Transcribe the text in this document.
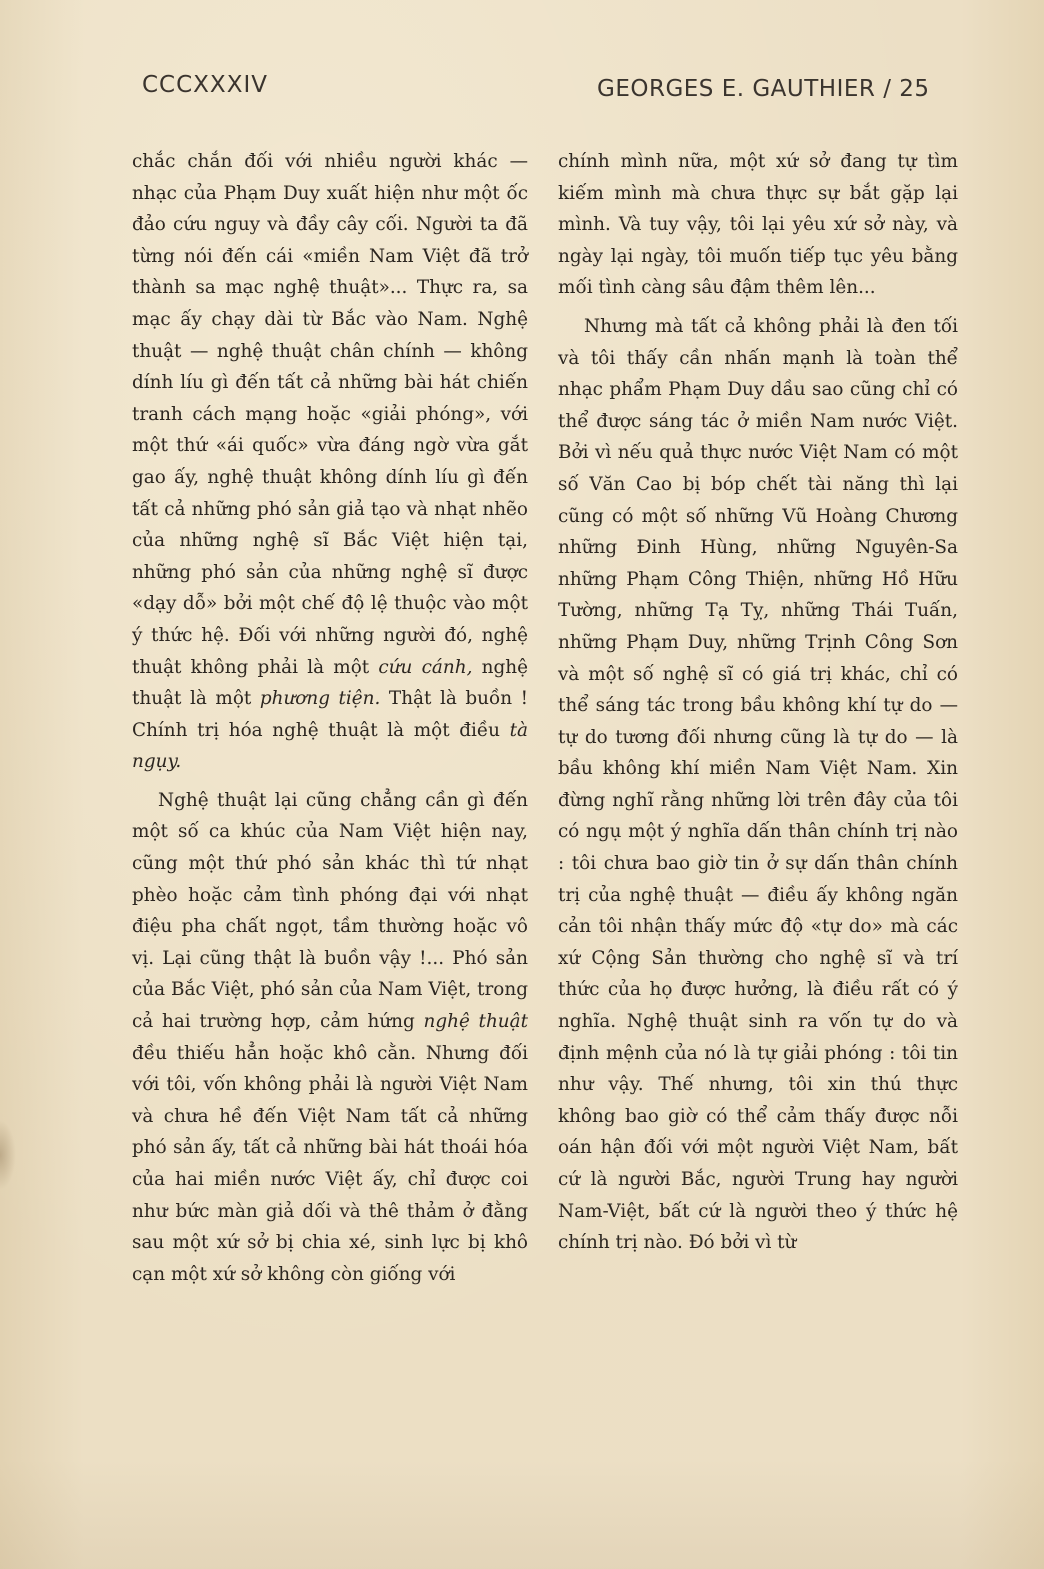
CCCXXXIV	GEORGES E. GAUTHIER / 25

chắc chắn đối với nhiều người khác — nhạc của Phạm Duy xuất hiện như một ốc đảo cứu nguy và đầy cây cối. Người ta đã từng nói đến cái «miền Nam Việt đã trở thành sa mạc nghệ thuật»... Thực ra, sa mạc ấy chạy dài từ Bắc vào Nam. Nghệ thuật — nghệ thuật chân chính — không dính líu gì đến tất cả những bài hát chiến tranh cách mạng hoặc «giải phóng», với một thứ «ái quốc» vừa đáng ngờ vừa gắt gao ấy, nghệ thuật không dính líu gì đến tất cả những phó sản giả tạo và nhạt nhẽo của những nghệ sĩ Bắc Việt hiện tại, những phó sản của những nghệ sĩ được «dạy dỗ» bởi một chế độ lệ thuộc vào một ý thức hệ. Đối với những người đó, nghệ thuật không phải là một cứu cánh, nghệ thuật là một phương tiện. Thật là buồn ! Chính trị hóa nghệ thuật là một điều tà ngụy.

Nghệ thuật lại cũng chẳng cần gì đến một số ca khúc của Nam Việt hiện nay, cũng một thứ phó sản khác thì tứ nhạt phèo hoặc cảm tình phóng đại với nhạt điệu pha chất ngọt, tầm thường hoặc vô vị. Lại cũng thật là buồn vậy !... Phó sản của Bắc Việt, phó sản của Nam Việt, trong cả hai trường hợp, cảm hứng nghệ thuật đều thiếu hẳn hoặc khô cằn. Nhưng đối với tôi, vốn không phải là người Việt Nam và chưa hề đến Việt Nam tất cả những phó sản ấy, tất cả những bài hát thoái hóa của hai miền nước Việt ấy, chỉ được coi như bức màn giả dối và thê thảm ở đằng sau một xứ sở bị chia xé, sinh lực bị khô cạn một xứ sở không còn giống với

chính mình nữa, một xứ sở đang tự tìm kiếm mình mà chưa thực sự bắt gặp lại mình. Và tuy vậy, tôi lại yêu xứ sở này, và ngày lại ngày, tôi muốn tiếp tục yêu bằng mối tình càng sâu đậm thêm lên...

Nhưng mà tất cả không phải là đen tối và tôi thấy cần nhấn mạnh là toàn thể nhạc phẩm Phạm Duy dầu sao cũng chỉ có thể được sáng tác ở miền Nam nước Việt. Bởi vì nếu quả thực nước Việt Nam có một số Văn Cao bị bóp chết tài năng thì lại cũng có một số những Vũ Hoàng Chương những Đinh Hùng, những Nguyên-Sa những Phạm Công Thiện, những Hồ Hữu Tường, những Tạ Tỵ, những Thái Tuấn, những Phạm Duy, những Trịnh Công Sơn và một số nghệ sĩ có giá trị khác, chỉ có thể sáng tác trong bầu không khí tự do — tự do tương đối nhưng cũng là tự do — là bầu không khí miền Nam Việt Nam. Xin đừng nghĩ rằng những lời trên đây của tôi có ngụ một ý nghĩa dấn thân chính trị nào : tôi chưa bao giờ tin ở sự dấn thân chính trị của nghệ thuật — điều ấy không ngăn cản tôi nhận thấy mức độ «tự do» mà các xứ Cộng Sản thường cho nghệ sĩ và trí thức của họ được hưởng, là điều rất có ý nghĩa. Nghệ thuật sinh ra vốn tự do và định mệnh của nó là tự giải phóng : tôi tin như vậy. Thế nhưng, tôi xin thú thực không bao giờ có thể cảm thấy được nỗi oán hận đối với một người Việt Nam, bất cứ là người Bắc, người Trung hay người Nam-Việt, bất cứ là người theo ý thức hệ chính trị nào. Đó bởi vì từ
